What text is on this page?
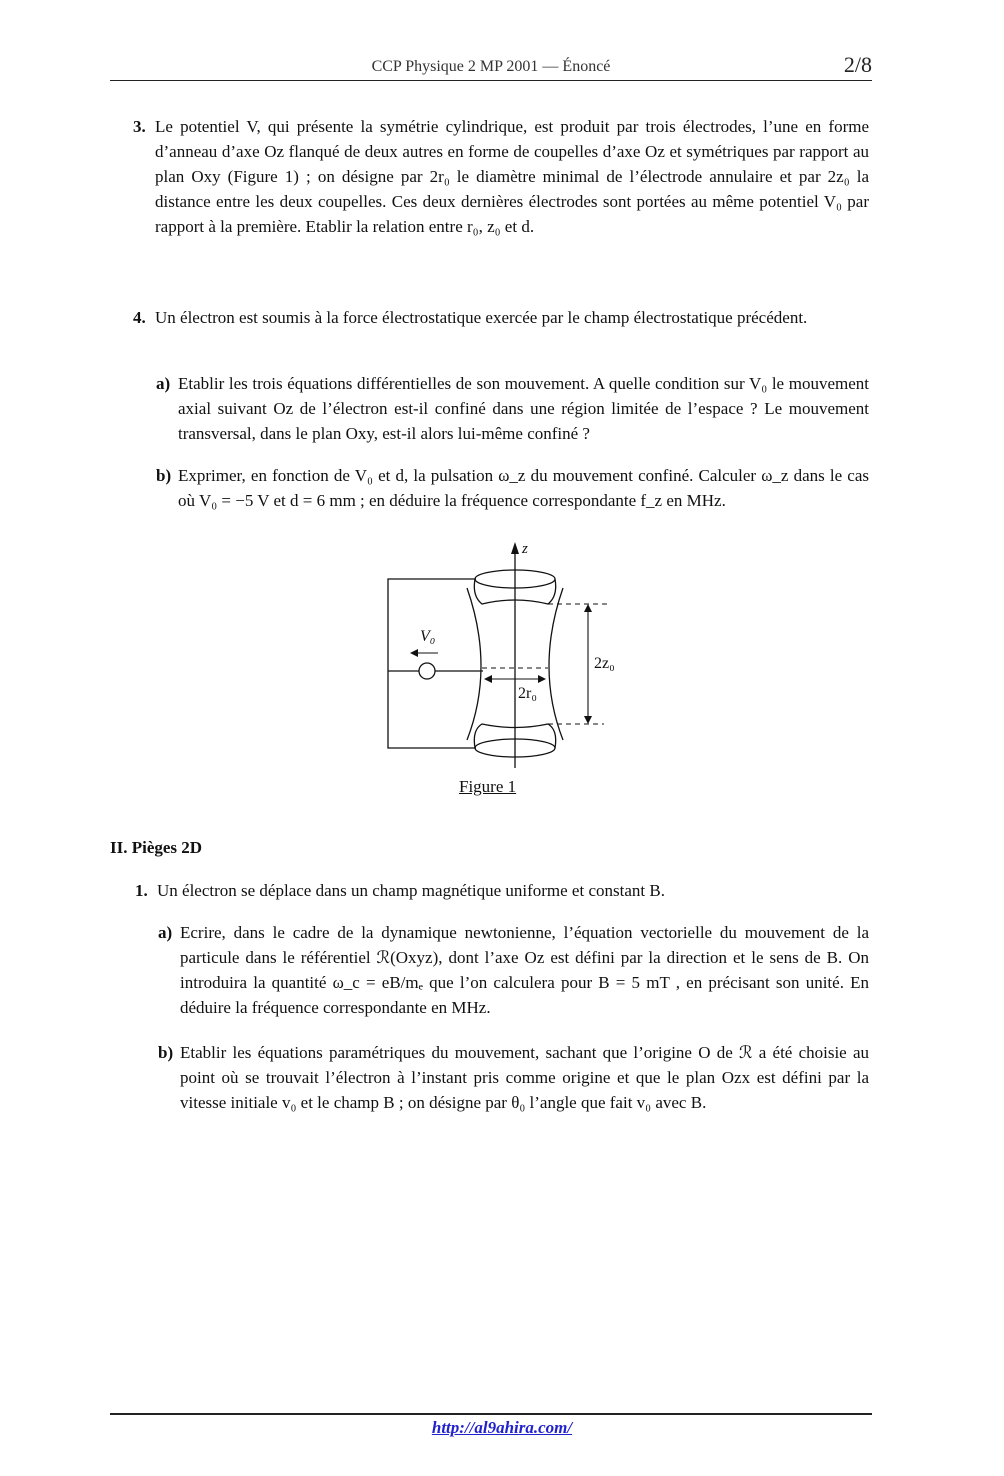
CCP Physique 2 MP 2001 — Énoncé	2/8
3. Le potentiel V, qui présente la symétrie cylindrique, est produit par trois électrodes, l’une en forme d’anneau d’axe Oz flanqué de deux autres en forme de coupelles d’axe Oz et symétriques par rapport au plan Oxy (Figure 1) ; on désigne par 2r₀ le diamètre minimal de l’électrode annulaire et par 2z₀ la distance entre les deux coupelles. Ces deux dernières électrodes sont portées au même potentiel V₀ par rapport à la première. Etablir la relation entre r₀, z₀ et d.
4. Un électron est soumis à la force électrostatique exercée par le champ électrostatique précédent.
a) Etablir les trois équations différentielles de son mouvement. A quelle condition sur V₀ le mouvement axial suivant Oz de l’électron est-il confiné dans une région limitée de l’espace ? Le mouvement transversal, dans le plan Oxy, est-il alors lui-même confiné ?
b) Exprimer, en fonction de V₀ et d, la pulsation ω_z du mouvement confiné. Calculer ω_z dans le cas où V₀ = −5 V et d = 6 mm ; en déduire la fréquence correspondante f_z en MHz.
z
V₀
2z₀
2r₀
Figure 1
II. Pièges 2D
1. Un électron se déplace dans un champ magnétique uniforme et constant B.
a) Ecrire, dans le cadre de la dynamique newtonienne, l’équation vectorielle du mouvement de la particule dans le référentiel ℛ(Oxyz), dont l’axe Oz est défini par la direction et le sens de B. On introduira la quantité ω_c = eB/mₑ que l’on calculera pour B = 5 mT , en précisant son unité. En déduire la fréquence correspondante en MHz.
b) Etablir les équations paramétriques du mouvement, sachant que l’origine O de ℛ a été choisie au point où se trouvait l’électron à l’instant pris comme origine et que le plan Ozx est défini par la vitesse initiale v₀ et le champ B ; on désigne par θ₀ l’angle que fait v₀ avec B.
http://al9ahira.com/
